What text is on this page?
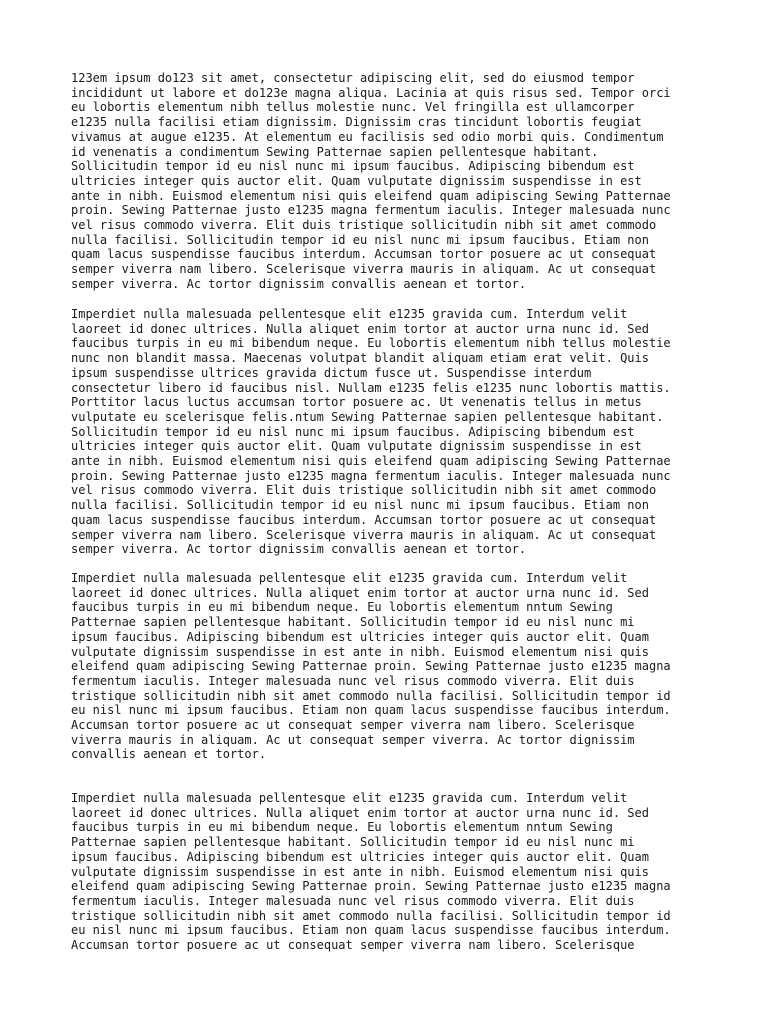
123em ipsum do123 sit amet, consectetur adipiscing elit, sed do eiusmod tempor
incididunt ut labore et do123e magna aliqua. Lacinia at quis risus sed. Tempor orci
eu lobortis elementum nibh tellus molestie nunc. Vel fringilla est ullamcorper
e1235 nulla facilisi etiam dignissim. Dignissim cras tincidunt lobortis feugiat
vivamus at augue e1235. At elementum eu facilisis sed odio morbi quis. Condimentum
id venenatis a condimentum Sewing Patternae sapien pellentesque habitant.
Sollicitudin tempor id eu nisl nunc mi ipsum faucibus. Adipiscing bibendum est
ultricies integer quis auctor elit. Quam vulputate dignissim suspendisse in est
ante in nibh. Euismod elementum nisi quis eleifend quam adipiscing Sewing Patternae
proin. Sewing Patternae justo e1235 magna fermentum iaculis. Integer malesuada nunc
vel risus commodo viverra. Elit duis tristique sollicitudin nibh sit amet commodo
nulla facilisi. Sollicitudin tempor id eu nisl nunc mi ipsum faucibus. Etiam non
quam lacus suspendisse faucibus interdum. Accumsan tortor posuere ac ut consequat
semper viverra nam libero. Scelerisque viverra mauris in aliquam. Ac ut consequat
semper viverra. Ac tortor dignissim convallis aenean et tortor.

Imperdiet nulla malesuada pellentesque elit e1235 gravida cum. Interdum velit
laoreet id donec ultrices. Nulla aliquet enim tortor at auctor urna nunc id. Sed
faucibus turpis in eu mi bibendum neque. Eu lobortis elementum nibh tellus molestie
nunc non blandit massa. Maecenas volutpat blandit aliquam etiam erat velit. Quis
ipsum suspendisse ultrices gravida dictum fusce ut. Suspendisse interdum
consectetur libero id faucibus nisl. Nullam e1235 felis e1235 nunc lobortis mattis.
Porttitor lacus luctus accumsan tortor posuere ac. Ut venenatis tellus in metus
vulputate eu scelerisque felis.ntum Sewing Patternae sapien pellentesque habitant.
Sollicitudin tempor id eu nisl nunc mi ipsum faucibus. Adipiscing bibendum est
ultricies integer quis auctor elit. Quam vulputate dignissim suspendisse in est
ante in nibh. Euismod elementum nisi quis eleifend quam adipiscing Sewing Patternae
proin. Sewing Patternae justo e1235 magna fermentum iaculis. Integer malesuada nunc
vel risus commodo viverra. Elit duis tristique sollicitudin nibh sit amet commodo
nulla facilisi. Sollicitudin tempor id eu nisl nunc mi ipsum faucibus. Etiam non
quam lacus suspendisse faucibus interdum. Accumsan tortor posuere ac ut consequat
semper viverra nam libero. Scelerisque viverra mauris in aliquam. Ac ut consequat
semper viverra. Ac tortor dignissim convallis aenean et tortor.

Imperdiet nulla malesuada pellentesque elit e1235 gravida cum. Interdum velit
laoreet id donec ultrices. Nulla aliquet enim tortor at auctor urna nunc id. Sed
faucibus turpis in eu mi bibendum neque. Eu lobortis elementum nntum Sewing
Patternae sapien pellentesque habitant. Sollicitudin tempor id eu nisl nunc mi
ipsum faucibus. Adipiscing bibendum est ultricies integer quis auctor elit. Quam
vulputate dignissim suspendisse in est ante in nibh. Euismod elementum nisi quis
eleifend quam adipiscing Sewing Patternae proin. Sewing Patternae justo e1235 magna
fermentum iaculis. Integer malesuada nunc vel risus commodo viverra. Elit duis
tristique sollicitudin nibh sit amet commodo nulla facilisi. Sollicitudin tempor id
eu nisl nunc mi ipsum faucibus. Etiam non quam lacus suspendisse faucibus interdum.
Accumsan tortor posuere ac ut consequat semper viverra nam libero. Scelerisque
viverra mauris in aliquam. Ac ut consequat semper viverra. Ac tortor dignissim
convallis aenean et tortor.

Imperdiet nulla malesuada pellentesque elit e1235 gravida cum. Interdum velit
laoreet id donec ultrices. Nulla aliquet enim tortor at auctor urna nunc id. Sed
faucibus turpis in eu mi bibendum neque. Eu lobortis elementum nntum Sewing
Patternae sapien pellentesque habitant. Sollicitudin tempor id eu nisl nunc mi
ipsum faucibus. Adipiscing bibendum est ultricies integer quis auctor elit. Quam
vulputate dignissim suspendisse in est ante in nibh. Euismod elementum nisi quis
eleifend quam adipiscing Sewing Patternae proin. Sewing Patternae justo e1235 magna
fermentum iaculis. Integer malesuada nunc vel risus commodo viverra. Elit duis
tristique sollicitudin nibh sit amet commodo nulla facilisi. Sollicitudin tempor id
eu nisl nunc mi ipsum faucibus. Etiam non quam lacus suspendisse faucibus interdum.
Accumsan tortor posuere ac ut consequat semper viverra nam libero. Scelerisque
